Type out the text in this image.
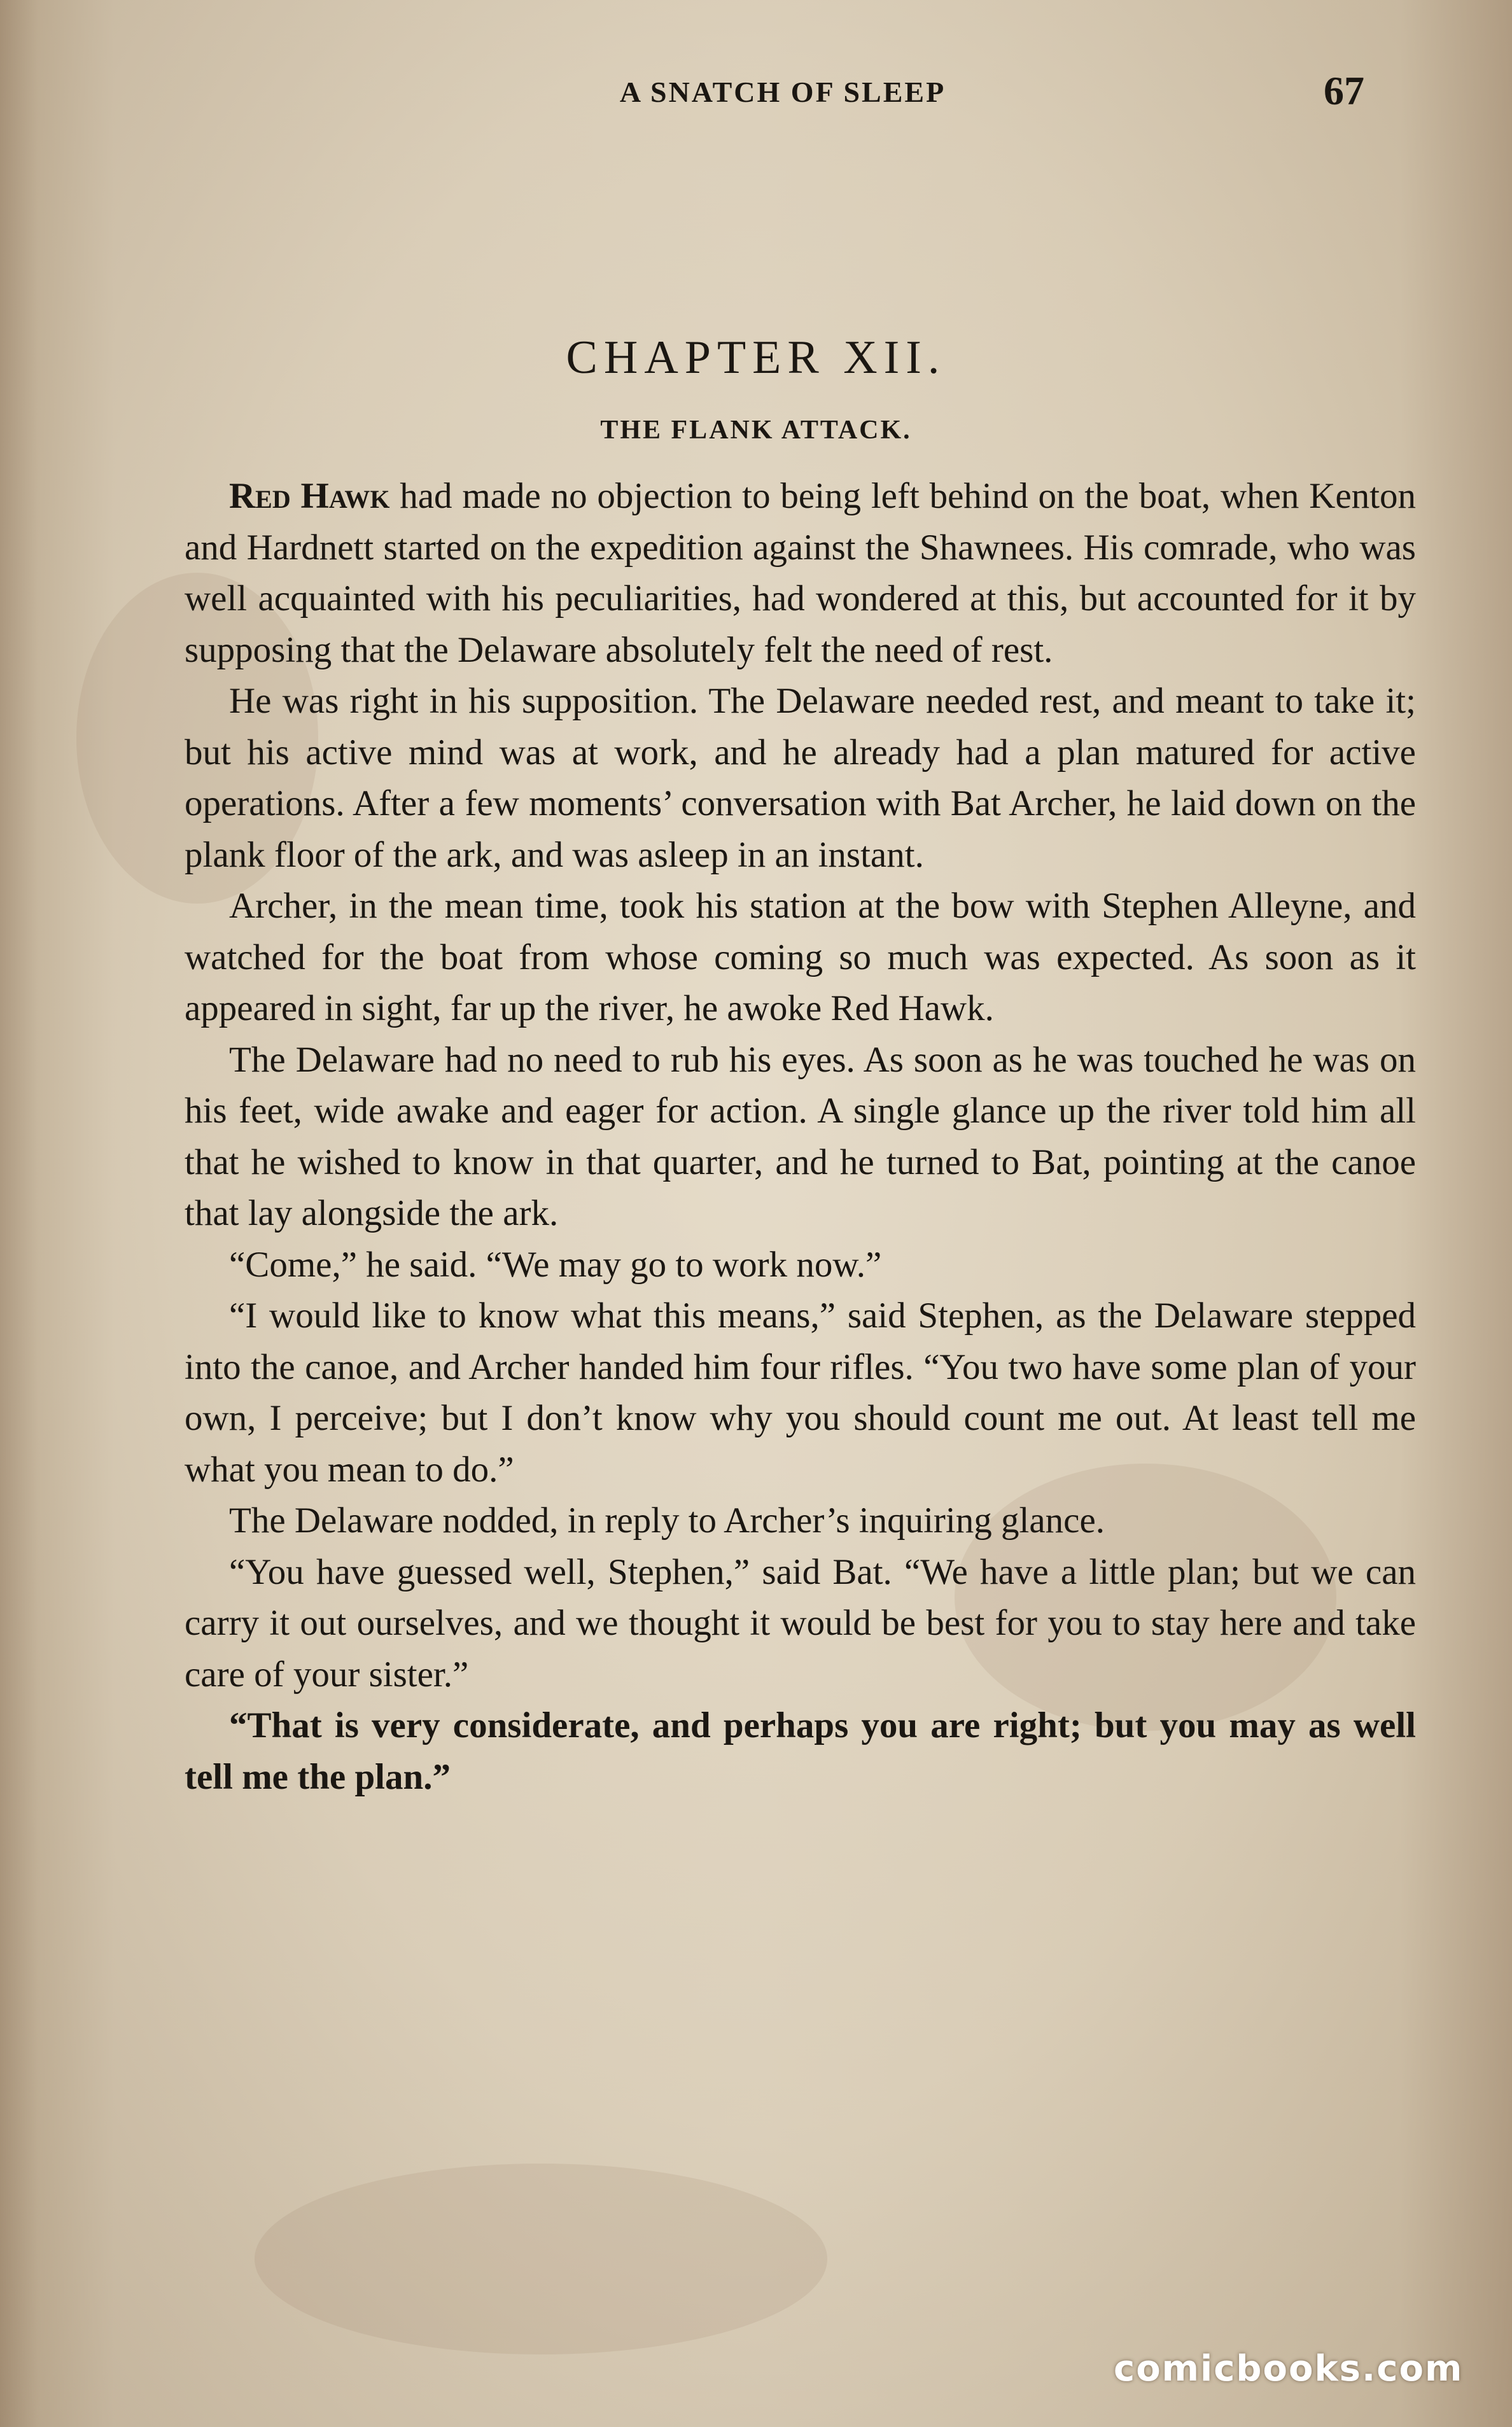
A SNATCH OF SLEEP	67
CHAPTER XII.
THE FLANK ATTACK.

Red Hawk had made no objection to being left behind on the boat, when Kenton and Hardnett started on the expedition against the Shawnees. His comrade, who was well acquainted with his peculiarities, had wondered at this, but accounted for it by supposing that the Delaware absolutely felt the need of rest.

He was right in his supposition. The Delaware needed rest, and meant to take it; but his active mind was at work, and he already had a plan matured for active operations. After a few moments’ conversation with Bat Archer, he laid down on the plank floor of the ark, and was asleep in an instant.

Archer, in the mean time, took his station at the bow with Stephen Alleyne, and watched for the boat from whose coming so much was expected. As soon as it appeared in sight, far up the river, he awoke Red Hawk.

The Delaware had no need to rub his eyes. As soon as he was touched he was on his feet, wide awake and eager for action. A single glance up the river told him all that he wished to know in that quarter, and he turned to Bat, pointing at the canoe that lay alongside the ark.

“Come,” he said. “We may go to work now.”

“I would like to know what this means,” said Stephen, as the Delaware stepped into the canoe, and Archer handed him four rifles. “You two have some plan of your own, I perceive; but I don’t know why you should count me out. At least tell me what you mean to do.”

The Delaware nodded, in reply to Archer’s inquiring glance.

“You have guessed well, Stephen,” said Bat. “We have a little plan; but we can carry it out ourselves, and we thought it would be best for you to stay here and take care of your sister.”

“That is very considerate, and perhaps you are right; but you may as well tell me the plan.”

comicbooks.com
